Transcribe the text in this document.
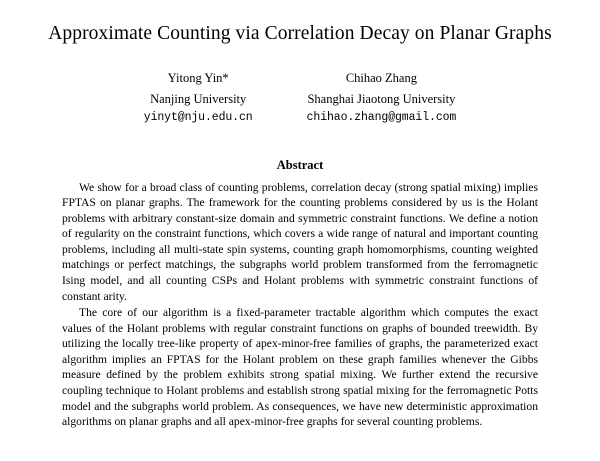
Approximate Counting via Correlation Decay on Planar Graphs
Yitong Yin*
Nanjing University
yinyt@nju.edu.cn
Chihao Zhang
Shanghai Jiaotong University
chihao.zhang@gmail.com
Abstract

We show for a broad class of counting problems, correlation decay (strong spatial mixing) implies FPTAS on planar graphs. The framework for the counting problems considered by us is the Holant problems with arbitrary constant-size domain and symmetric constraint functions. We define a notion of regularity on the constraint functions, which covers a wide range of natural and important counting problems, including all multi-state spin systems, counting graph homomorphisms, counting weighted matchings or perfect matchings, the subgraphs world problem transformed from the ferromagnetic Ising model, and all counting CSPs and Holant problems with symmetric constraint functions of constant arity.

The core of our algorithm is a fixed-parameter tractable algorithm which computes the exact values of the Holant problems with regular constraint functions on graphs of bounded treewidth. By utilizing the locally tree-like property of apex-minor-free families of graphs, the parameterized exact algorithm implies an FPTAS for the Holant problem on these graph families whenever the Gibbs measure defined by the problem exhibits strong spatial mixing. We further extend the recursive coupling technique to Holant problems and establish strong spatial mixing for the ferromagnetic Potts model and the subgraphs world problem. As consequences, we have new deterministic approximation algorithms on planar graphs and all apex-minor-free graphs for several counting problems.
